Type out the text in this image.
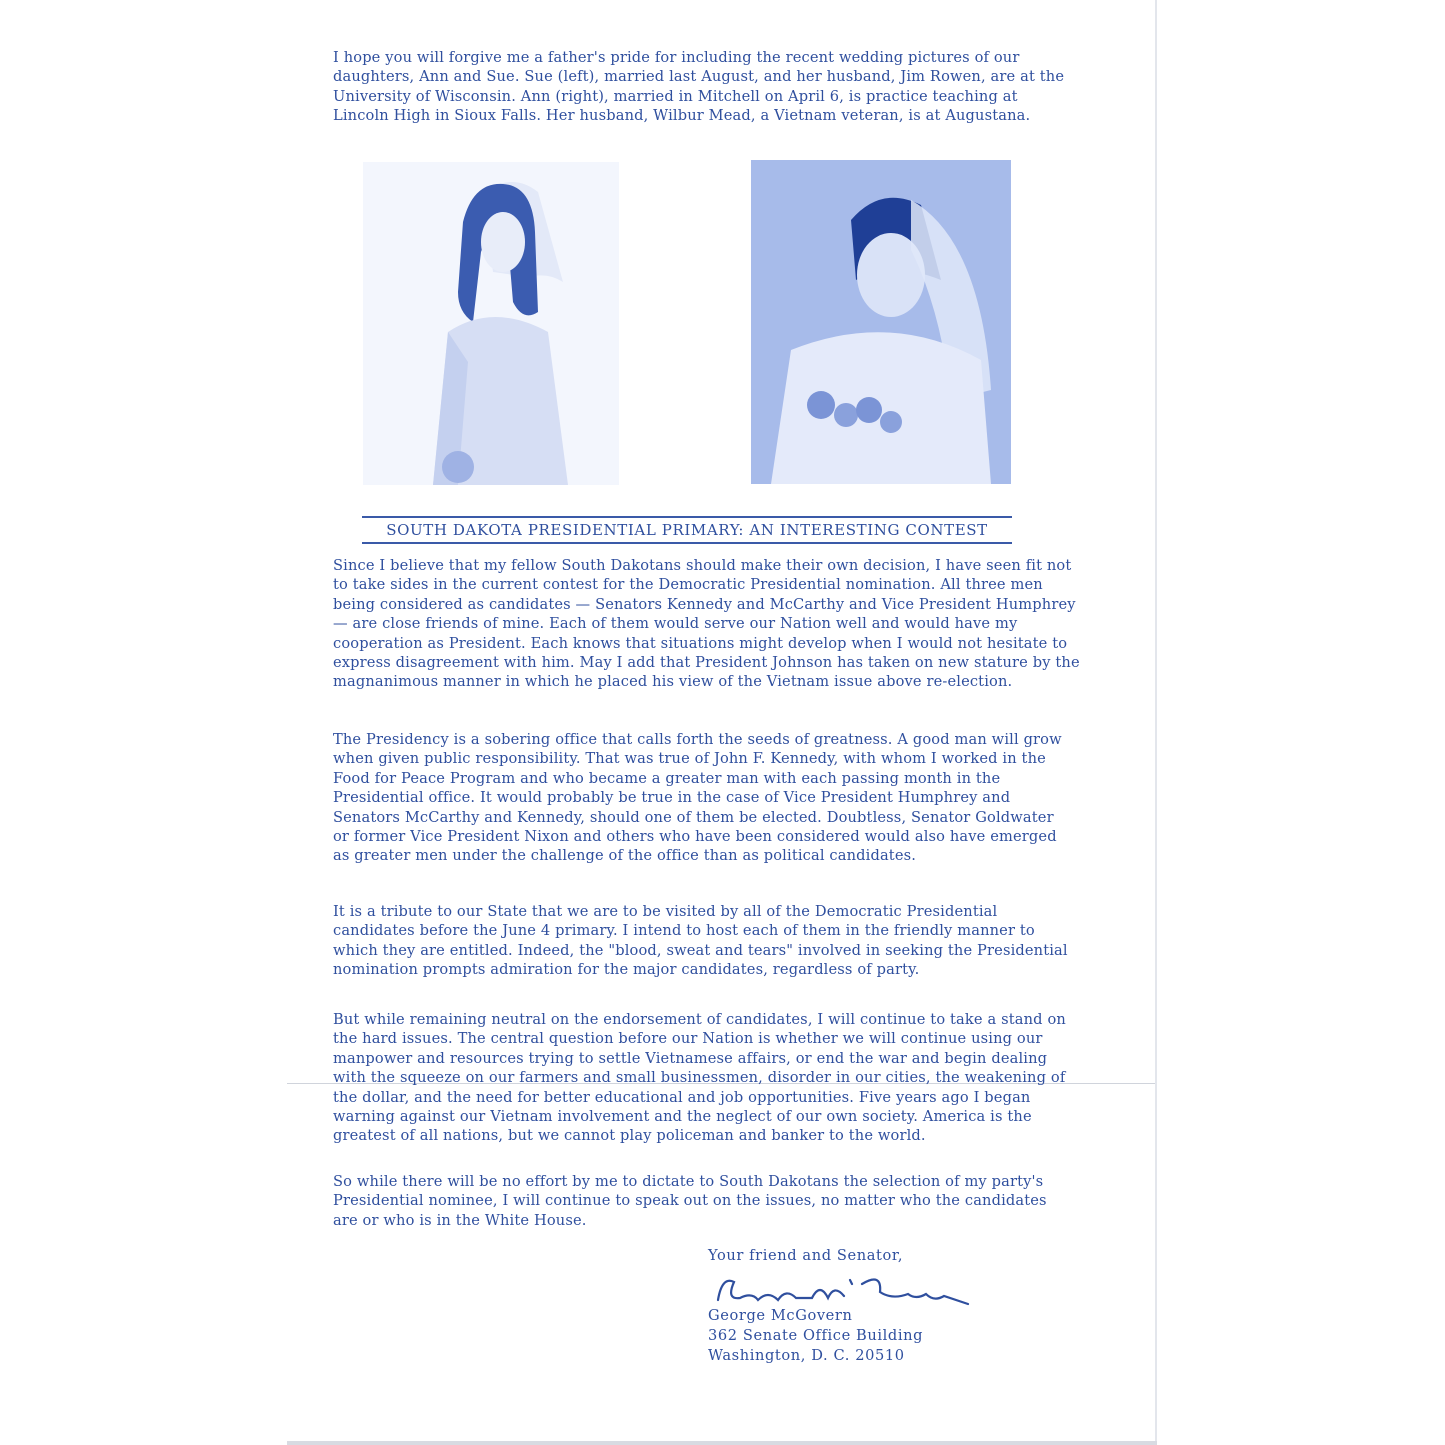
I hope you will forgive me a father's pride for including the recent wedding pictures of our daughters, Ann and Sue. Sue (left), married last August, and her husband, Jim Rowen, are at the University of Wisconsin. Ann (right), married in Mitchell on April 6, is practice teaching at Lincoln High in Sioux Falls. Her husband, Wilbur Mead, a Vietnam veteran, is at Augustana.

SOUTH DAKOTA PRESIDENTIAL PRIMARY: AN INTERESTING CONTEST

Since I believe that my fellow South Dakotans should make their own decision, I have seen fit not to take sides in the current contest for the Democratic Presidential nomination. All three men being considered as candidates — Senators Kennedy and McCarthy and Vice President Humphrey — are close friends of mine. Each of them would serve our Nation well and would have my cooperation as President. Each knows that situations might develop when I would not hesitate to express disagreement with him. May I add that President Johnson has taken on new stature by the magnanimous manner in which he placed his view of the Vietnam issue above re-election.

The Presidency is a sobering office that calls forth the seeds of greatness. A good man will grow when given public responsibility. That was true of John F. Kennedy, with whom I worked in the Food for Peace Program and who became a greater man with each passing month in the Presidential office. It would probably be true in the case of Vice President Humphrey and Senators McCarthy and Kennedy, should one of them be elected. Doubtless, Senator Goldwater or former Vice President Nixon and others who have been considered would also have emerged as greater men under the challenge of the office than as political candidates.

It is a tribute to our State that we are to be visited by all of the Democratic Presidential candidates before the June 4 primary. I intend to host each of them in the friendly manner to which they are entitled. Indeed, the "blood, sweat and tears" involved in seeking the Presidential nomination prompts admiration for the major candidates, regardless of party.

But while remaining neutral on the endorsement of candidates, I will continue to take a stand on the hard issues. The central question before our Nation is whether we will continue using our manpower and resources trying to settle Vietnamese affairs, or end the war and begin dealing with the squeeze on our farmers and small businessmen, disorder in our cities, the weakening of the dollar, and the need for better educational and job opportunities. Five years ago I began warning against our Vietnam involvement and the neglect of our own society. America is the greatest of all nations, but we cannot play policeman and banker to the world.

So while there will be no effort by me to dictate to South Dakotans the selection of my party's Presidential nominee, I will continue to speak out on the issues, no matter who the candidates are or who is in the White House.

Your friend and Senator,
George McGovern
362 Senate Office Building
Washington, D. C. 20510
